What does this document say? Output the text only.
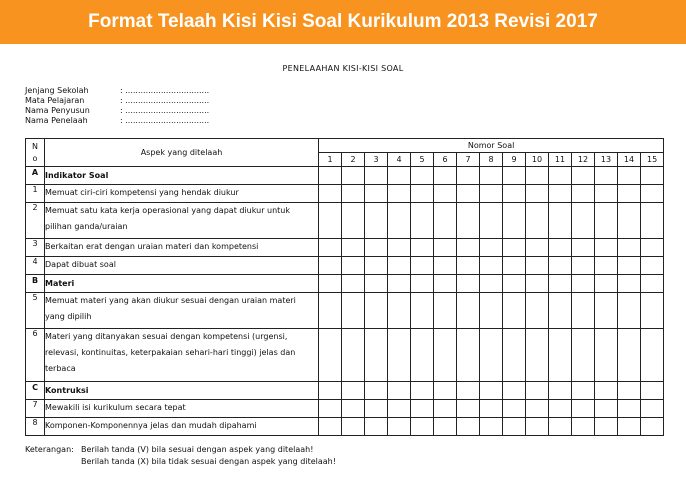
Format Telaah Kisi Kisi Soal Kurikulum 2013 Revisi 2017
PENELAAHAN KISI-KISI SOAL
Jenjang Sekolah	: .................................
Mata Pelajaran	: .................................
Nama Penyusun	: .................................
Nama Penelaah	: .................................
N
o	Aspek yang ditelaah	Nomor Soal														
		1	2	3	4	5	6	7	8	9	10	11	12	13	14	15
A	Indikator Soal															
1	Memuat ciri-ciri kompetensi yang hendak diukur															
2	Memuat satu kata kerja operasional yang dapat diukur untuk pilihan ganda/uraian															
3	Berkaitan erat dengan uraian materi dan kompetensi															
4	Dapat dibuat soal															
B	Materi															
5	Memuat materi yang akan diukur sesuai dengan uraian materi yang dipilih															
6	Materi yang ditanyakan sesuai dengan kompetensi (urgensi, relevasi, kontinuitas, keterpakaian sehari-hari tinggi) jelas dan terbaca															
C	Kontruksi															
7	Mewakili isi kurikulum secara tepat															
8	Komponen-Komponennya jelas dan mudah dipahami															
Keterangan: Berilah tanda (V) bila sesuai dengan aspek yang ditelaah!
Berilah tanda (X) bila tidak sesuai dengan aspek yang ditelaah!
